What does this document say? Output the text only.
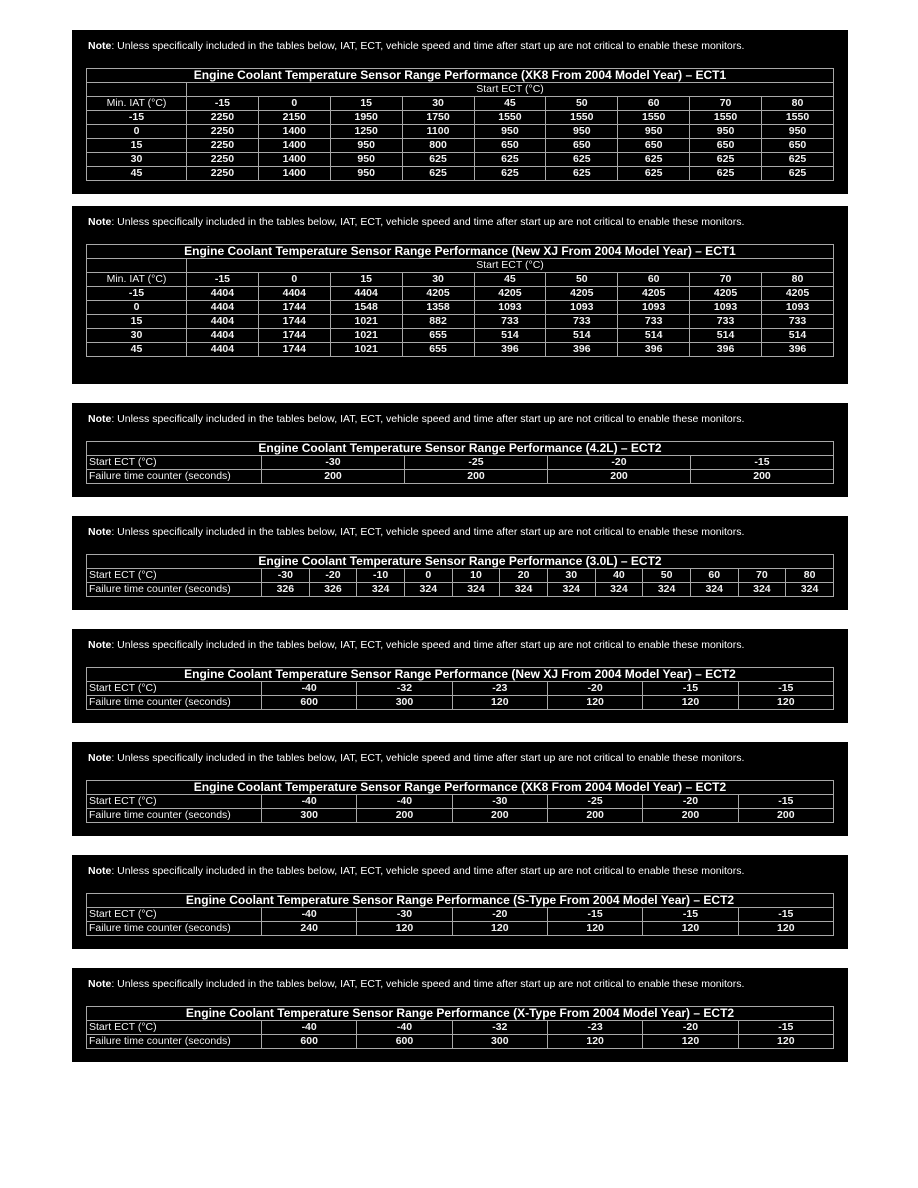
Note: Unless specifically included in the tables below, IAT, ECT, vehicle speed and time after start up are not critical to enable these monitors.

Engine Coolant Temperature Sensor Range Performance (XK8 From 2004 Model Year) – ECT1									
	Start ECT (°C)								
Min. IAT (°C)	-15	0	15	30	45	50	60	70	80
-15	2250	2150	1950	1750	1550	1550	1550	1550	1550
0	2250	1400	1250	1100	950	950	950	950	950
15	2250	1400	950	800	650	650	650	650	650
30	2250	1400	950	625	625	625	625	625	625
45	2250	1400	950	625	625	625	625	625	625

Note: Unless specifically included in the tables below, IAT, ECT, vehicle speed and time after start up are not critical to enable these monitors.

Engine Coolant Temperature Sensor Range Performance (New XJ From 2004 Model Year) – ECT1									
	Start ECT (°C)								
Min. IAT (°C)	-15	0	15	30	45	50	60	70	80
-15	4404	4404	4404	4205	4205	4205	4205	4205	4205
0	4404	1744	1548	1358	1093	1093	1093	1093	1093
15	4404	1744	1021	882	733	733	733	733	733
30	4404	1744	1021	655	514	514	514	514	514
45	4404	1744	1021	655	396	396	396	396	396

Note: Unless specifically included in the tables below, IAT, ECT, vehicle speed and time after start up are not critical to enable these monitors.

Engine Coolant Temperature Sensor Range Performance (4.2L) – ECT2				
Start ECT (°C)	-30	-25	-20	-15
Failure time counter (seconds)	200	200	200	200

Note: Unless specifically included in the tables below, IAT, ECT, vehicle speed and time after start up are not critical to enable these monitors.

Engine Coolant Temperature Sensor Range Performance (3.0L) – ECT2												
Start ECT (°C)	-30	-20	-10	0	10	20	30	40	50	60	70	80
Failure time counter (seconds)	326	326	324	324	324	324	324	324	324	324	324	324

Note: Unless specifically included in the tables below, IAT, ECT, vehicle speed and time after start up are not critical to enable these monitors.

Engine Coolant Temperature Sensor Range Performance (New XJ From 2004 Model Year) – ECT2						
Start ECT (°C)	-40	-32	-23	-20	-15	-15
Failure time counter (seconds)	600	300	120	120	120	120

Note: Unless specifically included in the tables below, IAT, ECT, vehicle speed and time after start up are not critical to enable these monitors.

Engine Coolant Temperature Sensor Range Performance (XK8 From 2004 Model Year) – ECT2						
Start ECT (°C)	-40	-40	-30	-25	-20	-15
Failure time counter (seconds)	300	200	200	200	200	200

Note: Unless specifically included in the tables below, IAT, ECT, vehicle speed and time after start up are not critical to enable these monitors.

Engine Coolant Temperature Sensor Range Performance (S-Type From 2004 Model Year) – ECT2						
Start ECT (°C)	-40	-30	-20	-15	-15	-15
Failure time counter (seconds)	240	120	120	120	120	120

Note: Unless specifically included in the tables below, IAT, ECT, vehicle speed and time after start up are not critical to enable these monitors.

Engine Coolant Temperature Sensor Range Performance (X-Type From 2004 Model Year) – ECT2						
Start ECT (°C)	-40	-40	-32	-23	-20	-15
Failure time counter (seconds)	600	600	300	120	120	120
